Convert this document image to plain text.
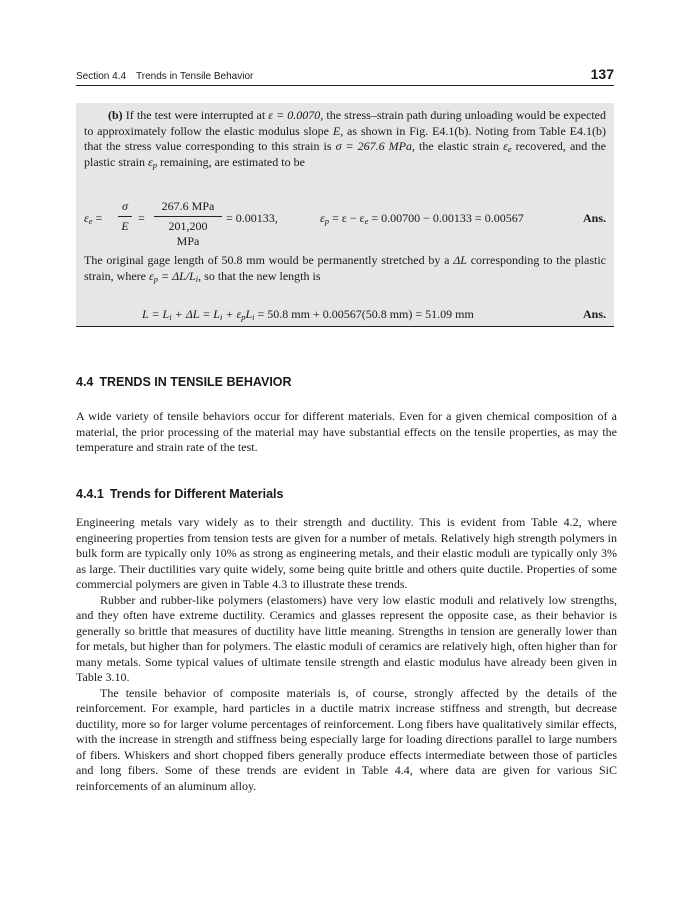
Section 4.4 Trends in Tensile Behavior	137
(b) If the test were interrupted at ε = 0.0070, the stress–strain path during unloading would be expected to approximately follow the elastic modulus slope E, as shown in Fig. E4.1(b). Noting from Table E4.1(b) that the stress value corresponding to this strain is σ = 267.6 MPa, the elastic strain $\varepsilon_e$ recovered, and the plastic strain $\varepsilon_p$ remaining, are estimated to be
$\varepsilon_e = \frac{\sigma}{E}$ =
267.6 MPa
201,200 MPa
= 0.00133,	$\varepsilon_p = \varepsilon - \varepsilon_e = 0.00700 - 0.00133 = 0.00567$	Ans.
The original gage length of 50.8 mm would be permanently stretched by a ΔL corresponding to the plastic strain, where $\varepsilon_p = \Delta L/L_i$, so that the new length is
$L = L_i + \Delta L = L_i + \varepsilon_pL_i = 50.8$ mm + 0.00567(50.8 mm) = 51.09 mm	Ans.
4.4 TRENDS IN TENSILE BEHAVIOR

A wide variety of tensile behaviors occur for different materials. Even for a given chemical composition of a material, the prior processing of the material may have substantial effects on the tensile properties, as may the temperature and strain rate of the test.

4.4.1 Trends for Different Materials

Engineering metals vary widely as to their strength and ductility. This is evident from Table 4.2, where engineering properties from tension tests are given for a number of metals. Relatively high strength polymers in bulk form are typically only 10% as strong as engineering metals, and their elastic moduli are typically only 3% as large. Their ductilities vary quite widely, some being quite brittle and others quite ductile. Properties of some commercial polymers are given in Table 4.3 to illustrate these trends.

Rubber and rubber-like polymers (elastomers) have very low elastic moduli and relatively low strengths, and they often have extreme ductility. Ceramics and glasses represent the opposite case, as their behavior is generally so brittle that measures of ductility have little meaning. Strengths in tension are generally lower than for metals, but higher than for polymers. The elastic moduli of ceramics are relatively high, often higher than for many metals. Some typical values of ultimate tensile strength and elastic modulus have already been given in Table 3.10.

The tensile behavior of composite materials is, of course, strongly affected by the details of the reinforcement. For example, hard particles in a ductile matrix increase stiffness and strength, but decrease ductility, more so for larger volume percentages of reinforcement. Long fibers have qualitatively similar effects, with the increase in strength and stiffness being especially large for loading directions parallel to large numbers of fibers. Whiskers and short chopped fibers generally produce effects intermediate between those of particles and long fibers. Some of these trends are evident in Table 4.4, where data are given for various SiC reinforcements of an aluminum alloy.
